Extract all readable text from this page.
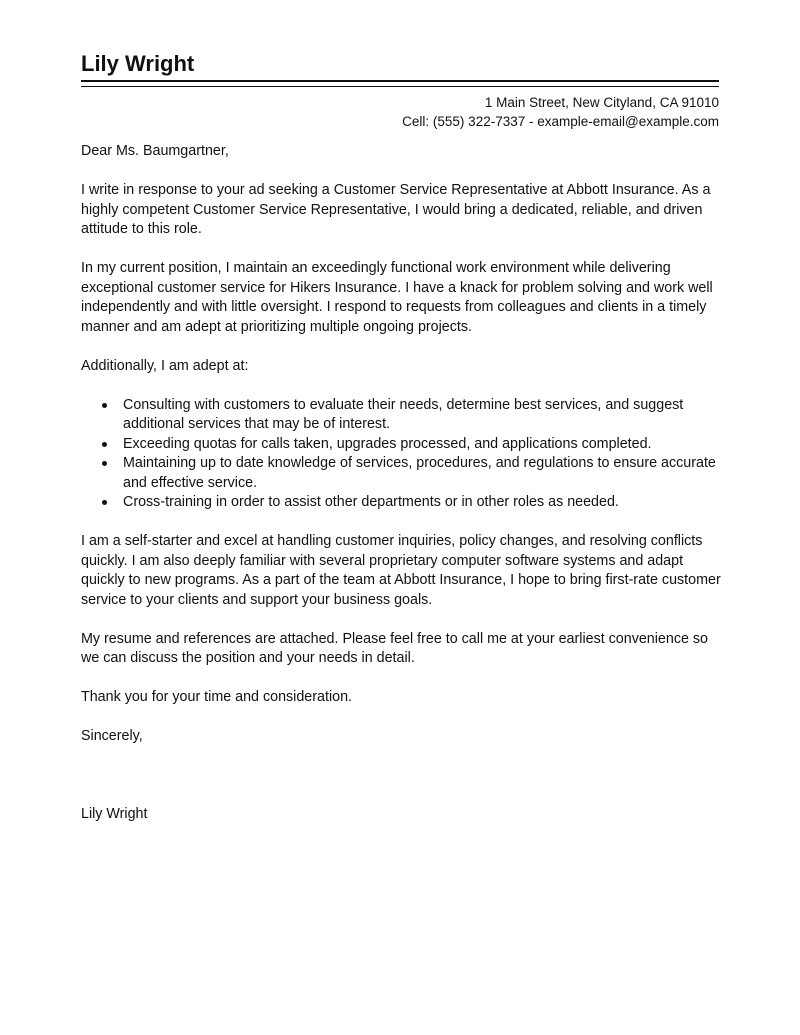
Lily Wright
1 Main Street, New Cityland, CA 91010
Cell: (555) 322-7337 - example-email@example.com

Dear Ms. Baumgartner,

I write in response to your ad seeking a Customer Service Representative at Abbott Insurance. As a highly competent Customer Service Representative, I would bring a dedicated, reliable, and driven attitude to this role.

In my current position, I maintain an exceedingly functional work environment while delivering exceptional customer service for Hikers Insurance. I have a knack for problem solving and work well independently and with little oversight. I respond to requests from colleagues and clients in a timely manner and am adept at prioritizing multiple ongoing projects.

Additionally, I am adept at:

Consulting with customers to evaluate their needs, determine best services, and suggest additional services that may be of interest.
Exceeding quotas for calls taken, upgrades processed, and applications completed.
Maintaining up to date knowledge of services, procedures, and regulations to ensure accurate and effective service.
Cross-training in order to assist other departments or in other roles as needed.

I am a self-starter and excel at handling customer inquiries, policy changes, and resolving conflicts quickly. I am also deeply familiar with several proprietary computer software systems and adapt quickly to new programs. As a part of the team at Abbott Insurance, I hope to bring first-rate customer service to your clients and support your business goals.

My resume and references are attached. Please feel free to call me at your earliest convenience so we can discuss the position and your needs in detail.

Thank you for your time and consideration.

Sincerely,

Lily Wright
